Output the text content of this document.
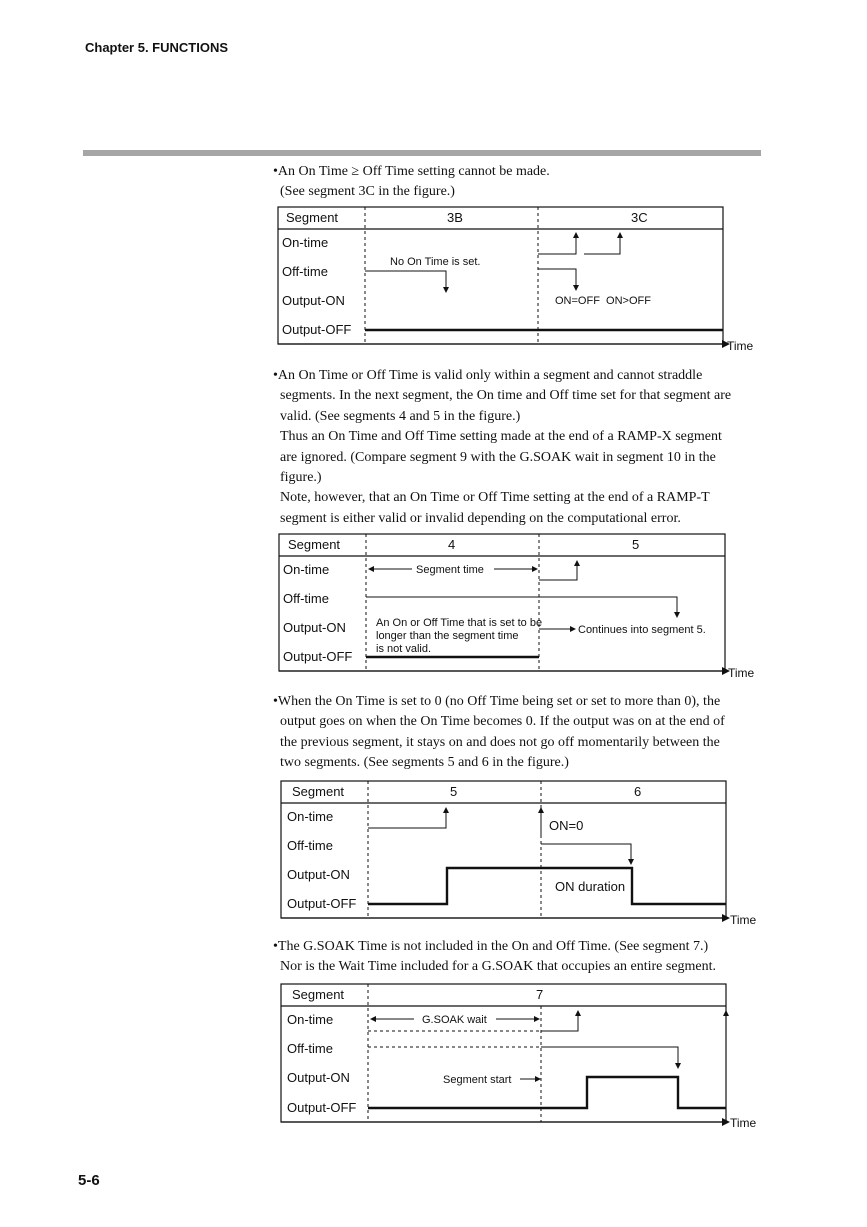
Chapter 5. FUNCTIONS
•An On Time ≥ Off Time setting cannot be made.
(See segment 3C in the figure.)
Segment
On-time
Off-time
Output-ON
Output-OFF
3B	3C
No On Time is set.
ON=OFF  ON>OFF
Time
•An On Time or Off Time is valid only within a segment and cannot straddle
segments. In the next segment, the On time and Off time set for that segment are
valid. (See segments 4 and 5 in the figure.)
Thus an On Time and Off Time setting made at the end of a RAMP-X segment
are ignored. (Compare segment 9 with the G.SOAK wait in segment 10 in the
figure.)
Note, however, that an On Time or Off Time setting at the end of a RAMP-T
segment is either valid or invalid depending on the computational error.
Segment
On-time
Off-time
Output-ON
Output-OFF
4	5
Segment time
An On or Off Time that is set to be
longer than the segment time
is not valid.
Continues into segment 5.
Time
•When the On Time is set to 0 (no Off Time being set or set to more than 0), the
output goes on when the On Time becomes 0. If the output was on at the end of
the previous segment, it stays on and does not go off momentarily between the
two segments. (See segments 5 and 6 in the figure.)
Segment
On-time
Off-time
Output-ON
Output-OFF
5	6
ON=0
ON duration
Time
•The G.SOAK Time is not included in the On and Off Time. (See segment 7.)
Nor is the Wait Time included for a G.SOAK that occupies an entire segment.
Segment
On-time
Off-time
Output-ON
Output-OFF
7
G.SOAK wait
Segment start
Time
5-6
